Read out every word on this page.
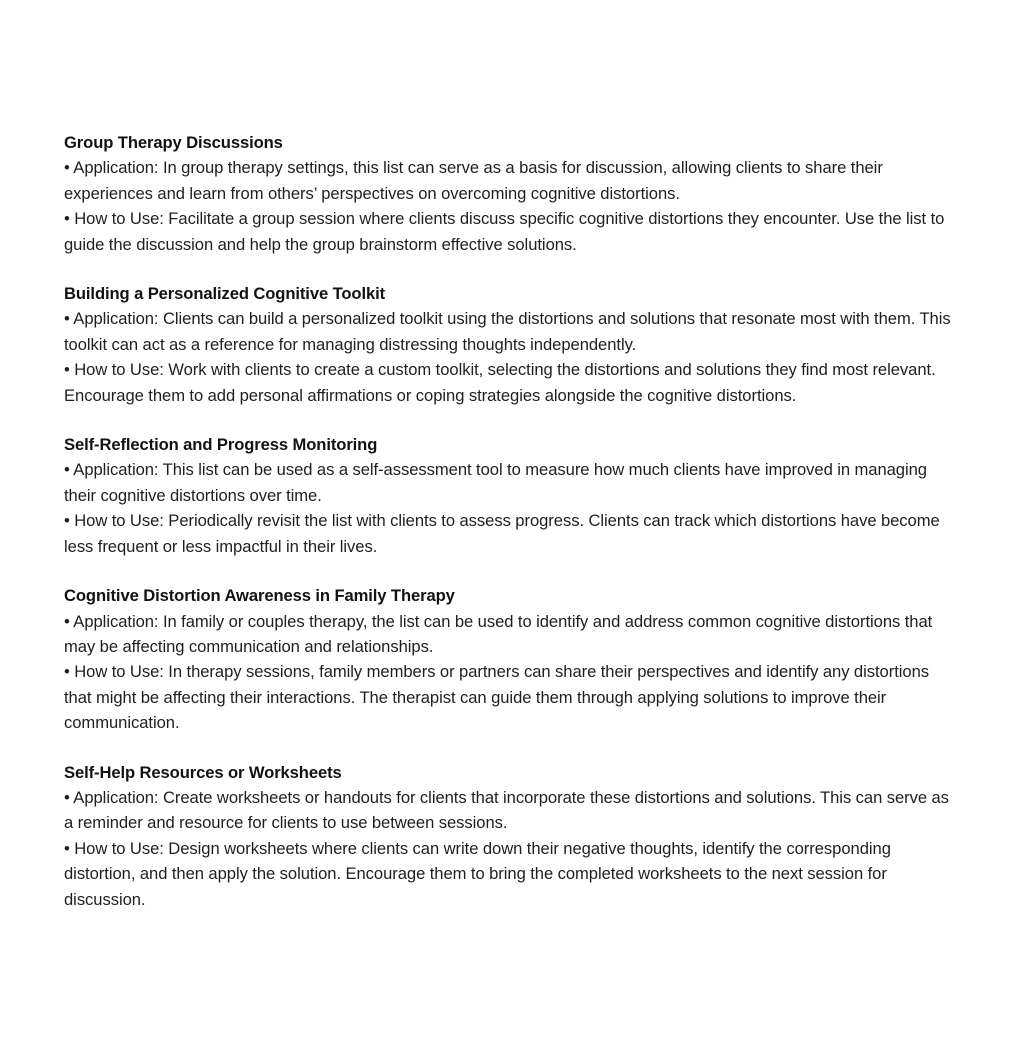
Group Therapy Discussions

• Application: In group therapy settings, this list can serve as a basis for discussion, allowing clients to share their experiences and learn from others’ perspectives on overcoming cognitive distortions.

• How to Use: Facilitate a group session where clients discuss specific cognitive distortions they encounter. Use the list to guide the discussion and help the group brainstorm effective solutions.

Building a Personalized Cognitive Toolkit

• Application: Clients can build a personalized toolkit using the distortions and solutions that resonate most with them. This toolkit can act as a reference for managing distressing thoughts independently.

• How to Use: Work with clients to create a custom toolkit, selecting the distortions and solutions they find most relevant. Encourage them to add personal affirmations or coping strategies alongside the cognitive distortions.

Self-Reflection and Progress Monitoring

• Application: This list can be used as a self-assessment tool to measure how much clients have improved in managing their cognitive distortions over time.

• How to Use: Periodically revisit the list with clients to assess progress. Clients can track which distortions have become less frequent or less impactful in their lives.

Cognitive Distortion Awareness in Family Therapy

• Application: In family or couples therapy, the list can be used to identify and address common cognitive distortions that may be affecting communication and relationships.

• How to Use: In therapy sessions, family members or partners can share their perspectives and identify any distortions that might be affecting their interactions. The therapist can guide them through applying solutions to improve their communication.

Self-Help Resources or Worksheets

• Application: Create worksheets or handouts for clients that incorporate these distortions and solutions. This can serve as a reminder and resource for clients to use between sessions.

• How to Use: Design worksheets where clients can write down their negative thoughts, identify the corresponding distortion, and then apply the solution. Encourage them to bring the completed worksheets to the next session for discussion.
